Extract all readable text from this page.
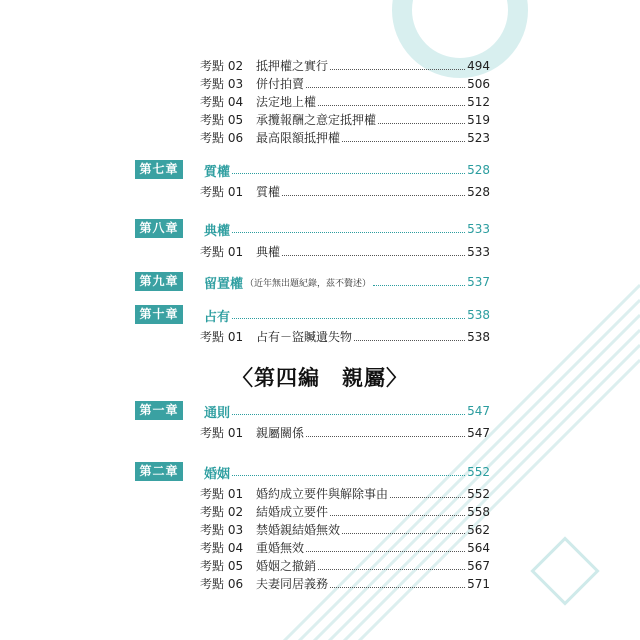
考點 02	抵押權之實行	494
考點 03	併付拍賣	506
考點 04	法定地上權	512
考點 05	承攬報酬之意定抵押權	519
考點 06	最高限額抵押權	523
第七章	質權	528
考點 01	質權	528
第八章	典權	533
考點 01	典權	533
第九章	留置權 （近年無出題紀錄，茲不贅述）	537
第十章	占有	538
考點 01	占有－盜贓遺失物	538
〈第四編　親屬〉
第一章	通則	547
考點 01	親屬關係	547
第二章	婚姻	552
考點 01	婚約成立要件與解除事由	552
考點 02	結婚成立要件	558
考點 03	禁婚親結婚無效	562
考點 04	重婚無效	564
考點 05	婚姻之撤銷	567
考點 06	夫妻同居義務	571
